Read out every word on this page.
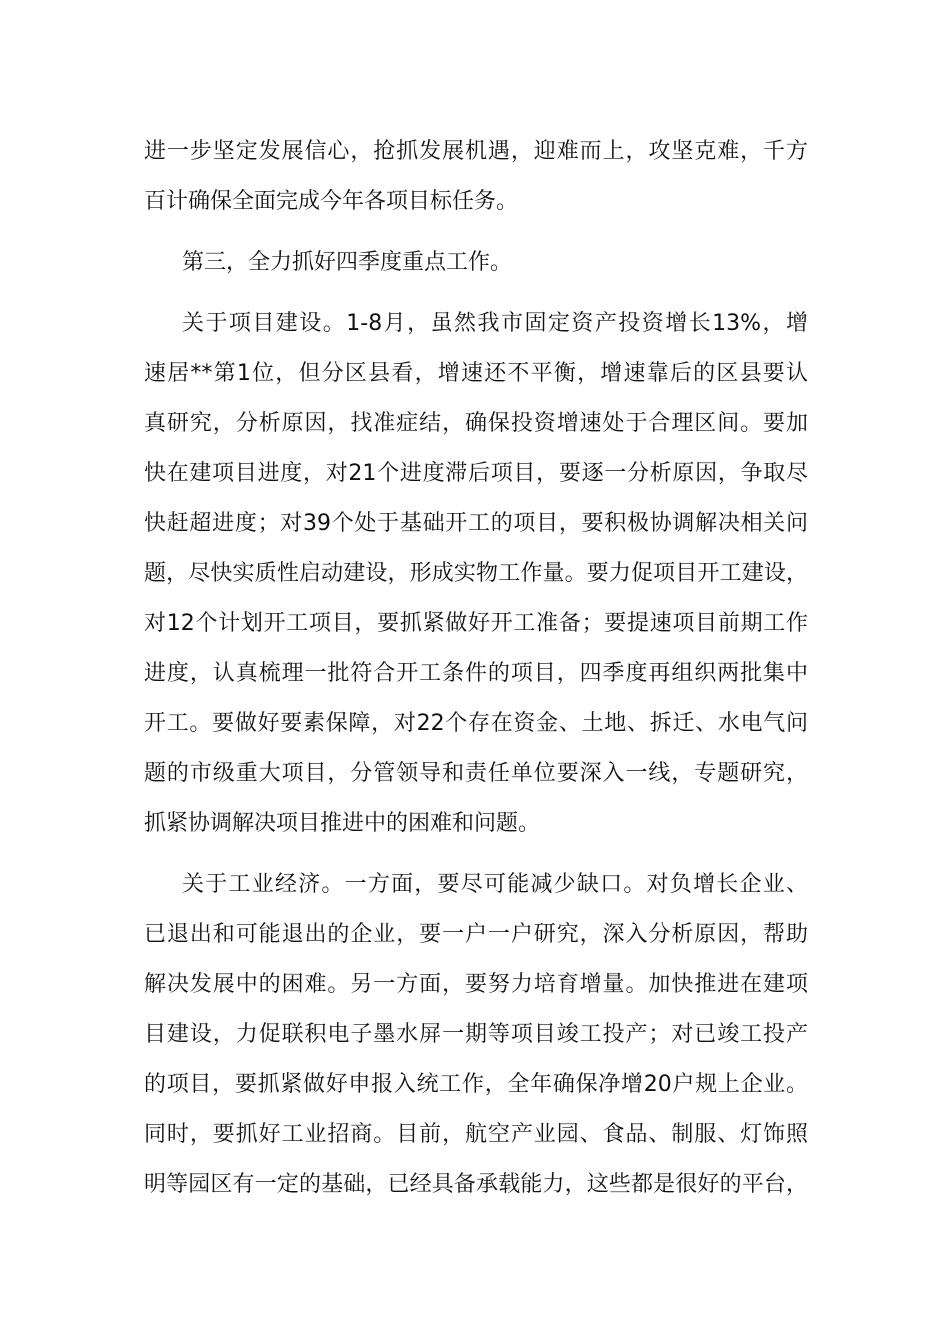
进一步坚定发展信心，抢抓发展机遇，迎难而上，攻坚克难，千方
百计确保全面完成今年各项目标任务。
第三，全力抓好四季度重点工作。
关于项目建设。1-8月，虽然我市固定资产投资增长13%，增
速居**第1位，但分区县看，增速还不平衡，增速靠后的区县要认
真研究，分析原因，找准症结，确保投资增速处于合理区间。要加
快在建项目进度，对21个进度滞后项目，要逐一分析原因，争取尽
快赶超进度；对39个处于基础开工的项目，要积极协调解决相关问
题，尽快实质性启动建设，形成实物工作量。要力促项目开工建设，
对12个计划开工项目，要抓紧做好开工准备；要提速项目前期工作
进度，认真梳理一批符合开工条件的项目，四季度再组织两批集中
开工。要做好要素保障，对22个存在资金、土地、拆迁、水电气问
题的市级重大项目，分管领导和责任单位要深入一线，专题研究，
抓紧协调解决项目推进中的困难和问题。
关于工业经济。一方面，要尽可能减少缺口。对负增长企业、
已退出和可能退出的企业，要一户一户研究，深入分析原因，帮助
解决发展中的困难。另一方面，要努力培育增量。加快推进在建项
目建设，力促联积电子墨水屏一期等项目竣工投产；对已竣工投产
的项目，要抓紧做好申报入统工作，全年确保净增20户规上企业。
同时，要抓好工业招商。目前，航空产业园、食品、制服、灯饰照
明等园区有一定的基础，已经具备承载能力，这些都是很好的平台，
